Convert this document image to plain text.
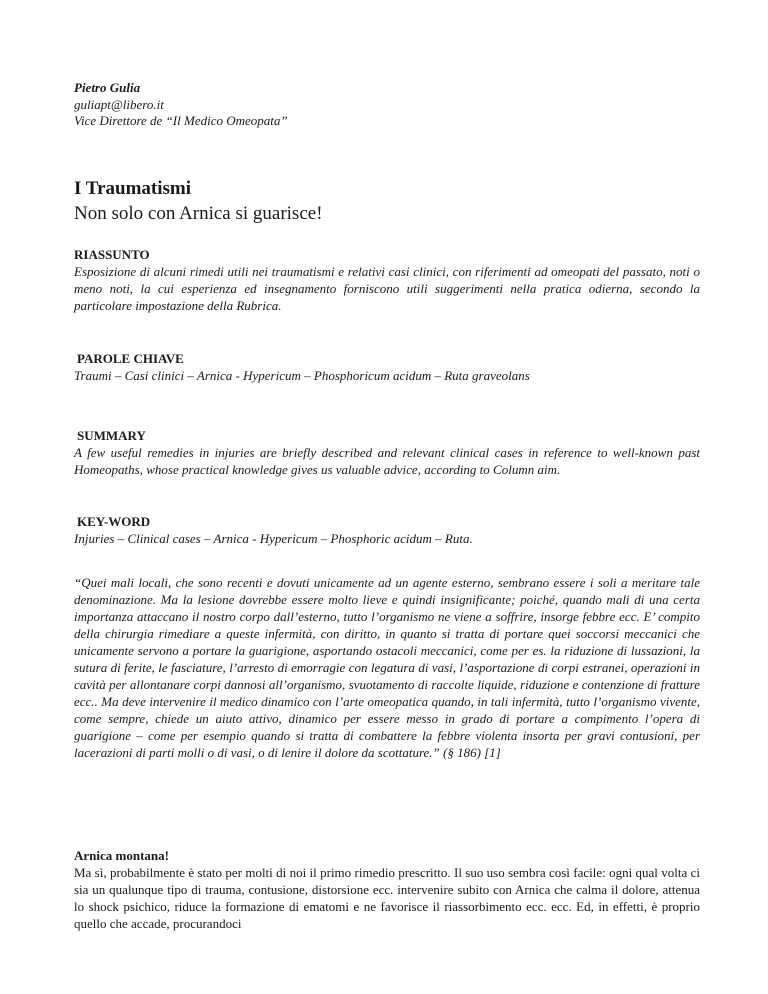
Pietro Gulia
guliapt@libero.it
Vice Direttore de “Il Medico Omeopata”
I Traumatismi
Non solo con Arnica si guarisce!
RIASSUNTO
Esposizione di alcuni rimedi utili nei traumatismi e relativi casi clinici, con riferimenti ad omeopati del passato, noti o meno noti, la cui esperienza ed insegnamento forniscono utili suggerimenti nella pratica odierna, secondo la particolare impostazione della Rubrica.
PAROLE CHIAVE
Traumi – Casi clinici – Arnica - Hypericum – Phosphoricum acidum – Ruta graveolans
SUMMARY
A few useful remedies in injuries are briefly described and relevant clinical cases in reference to well-known past Homeopaths, whose practical knowledge gives us valuable advice, according to Column aim.
KEY-WORD
Injuries – Clinical cases – Arnica - Hypericum – Phosphoric acidum – Ruta.
“Quei mali locali, che sono recenti e dovuti unicamente ad un agente esterno, sembrano essere i soli a meritare tale denominazione. Ma la lesione dovrebbe essere molto lieve e quindi insignificante; poiché, quando mali di una certa importanza attaccano il nostro corpo dall’esterno, tutto l’organismo ne viene a soffrire, insorge febbre ecc. E’ compito della chirurgia rimediare a queste infermità, con diritto, in quanto si tratta di portare quei soccorsi meccanici che unicamente servono a portare la guarigione, asportando ostacoli meccanici, come per es. la riduzione di lussazioni, la sutura di ferite, le fasciature, l’arresto di emorragie con legatura di vasi, l’asportazione di corpi estranei, operazioni in cavità per allontanare corpi dannosi all’organismo, svuotamento di raccolte liquide, riduzione e contenzione di fratture ecc.. Ma deve intervenire il medico dinamico con l’arte omeopatica quando, in tali infermità, tutto l’organismo vivente, come sempre, chiede un aiuto attivo, dinamico per essere messo in grado di portare a compimento l’opera di guarigione – come per esempio quando si tratta di combattere la febbre violenta insorta per gravi contusioni, per lacerazioni di parti molli o di vasi, o di lenire il dolore da scottature.” (§ 186) [1]
Arnica montana!
Ma sì, probabilmente è stato per molti di noi il primo rimedio prescritto. Il suo uso sembra così facile: ogni qual volta ci sia un qualunque tipo di trauma, contusione, distorsione ecc. intervenire subito con Arnica che calma il dolore, attenua lo shock psichico, riduce la formazione di ematomi e ne favorisce il riassorbimento ecc. ecc. Ed, in effetti, è proprio quello che accade, procurandoci
